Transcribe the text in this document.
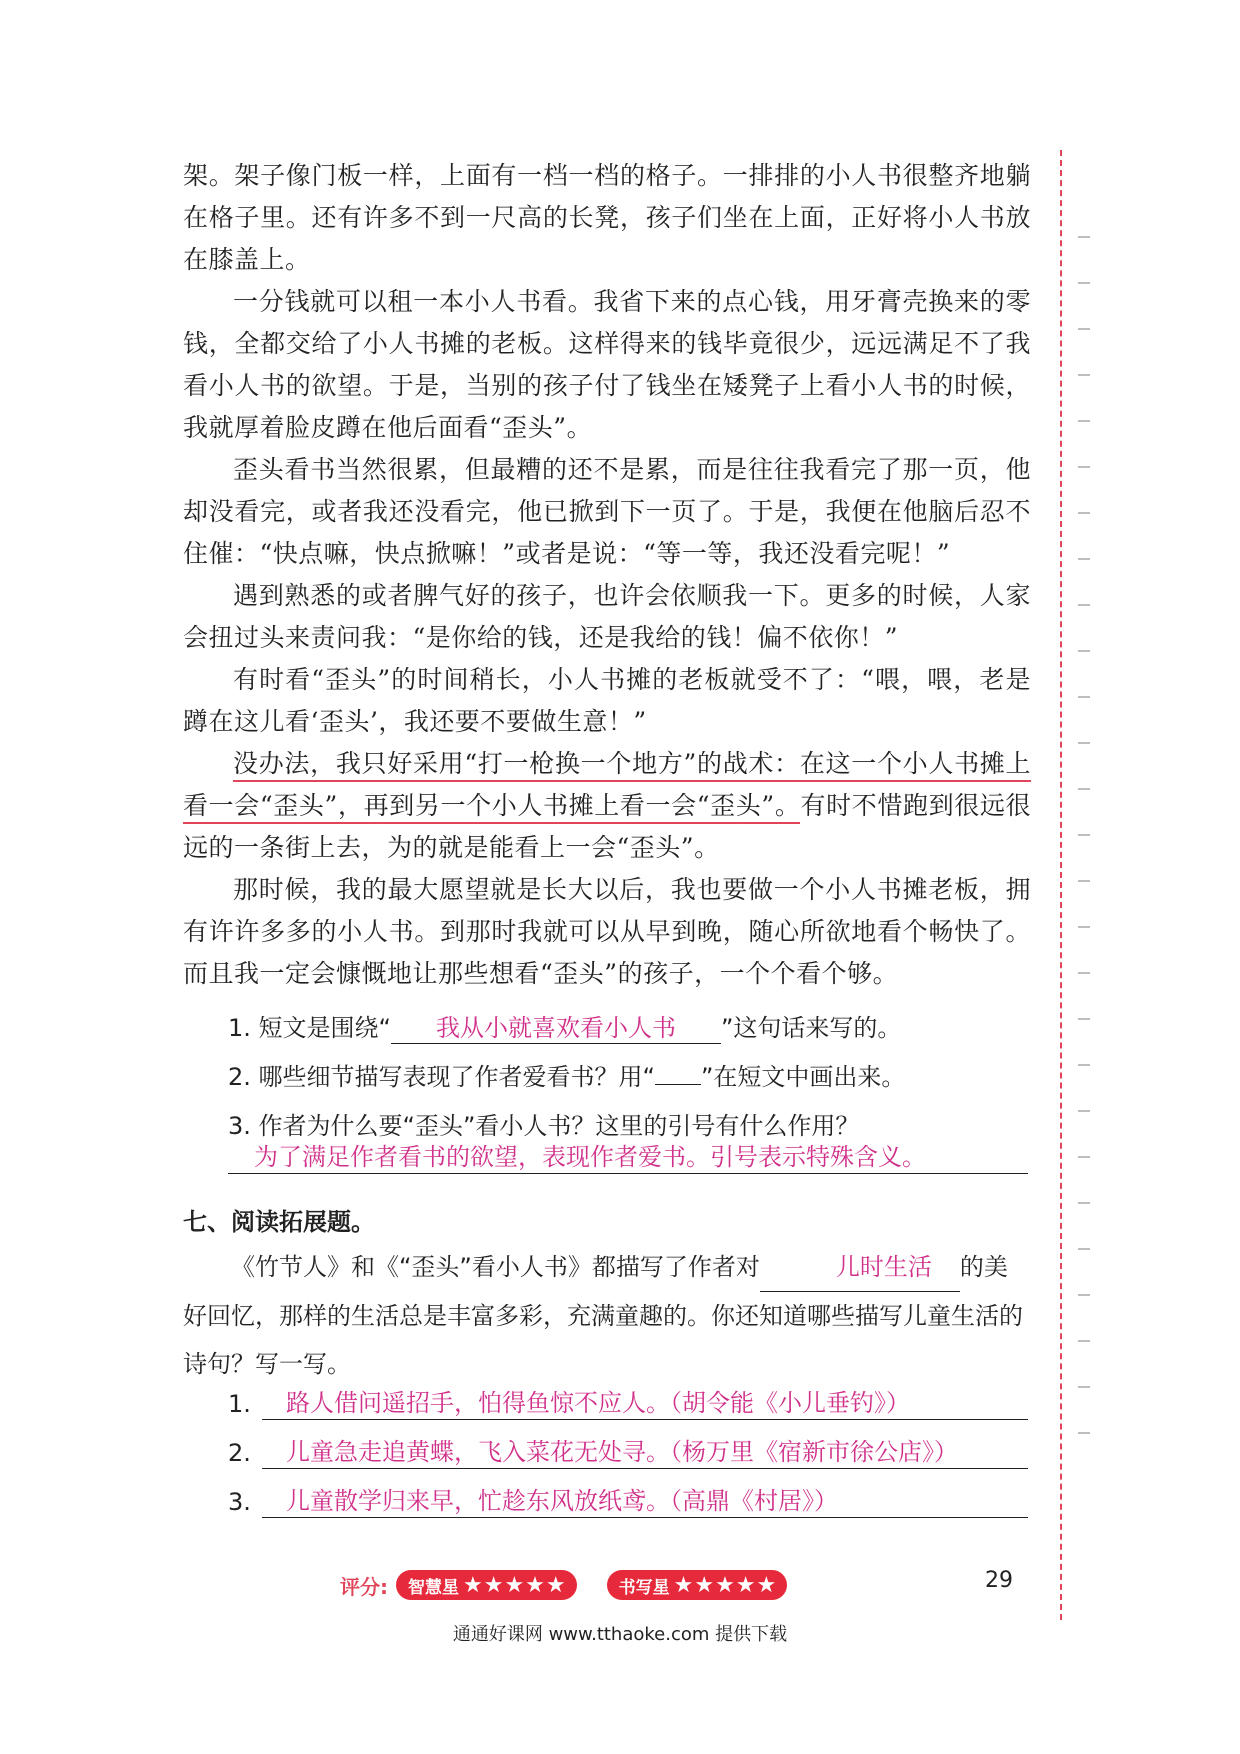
架。架子像门板一样，上面有一档一档的格子。一排排的小人书很整齐地躺在格子里。还有许多不到一尺高的长凳，孩子们坐在上面，正好将小人书放在膝盖上。

一分钱就可以租一本小人书看。我省下来的点心钱，用牙膏壳换来的零钱，全都交给了小人书摊的老板。这样得来的钱毕竟很少，远远满足不了我看小人书的欲望。于是，当别的孩子付了钱坐在矮凳子上看小人书的时候，我就厚着脸皮蹲在他后面看“歪头”。

歪头看书当然很累，但最糟的还不是累，而是往往我看完了那一页，他却没看完，或者我还没看完，他已掀到下一页了。于是，我便在他脑后忍不住催：“快点嘛，快点掀嘛！”或者是说：“等一等，我还没看完呢！”

遇到熟悉的或者脾气好的孩子，也许会依顺我一下。更多的时候，人家会扭过头来责问我：“是你给的钱，还是我给的钱！偏不依你！”

有时看“歪头”的时间稍长，小人书摊的老板就受不了：“喂，喂，老是蹲在这儿看‘歪头’，我还要不要做生意！”

没办法，我只好采用“打一枪换一个地方”的战术：在这一个小人书摊上看一会“歪头”，再到另一个小人书摊上看一会“歪头”。有时不惜跑到很远很远的一条街上去，为的就是能看上一会“歪头”。

那时候，我的最大愿望就是长大以后，我也要做一个小人书摊老板，拥有许许多多的小人书。到那时我就可以从早到晚，随心所欲地看个畅快了。而且我一定会慷慨地让那些想看“歪头”的孩子，一个个看个够。

1. 短文是围绕“ 我从小就喜欢看小人书 ”这句话来写的。
2. 哪些细节描写表现了作者爱看书？用“ ”在短文中画出来。
3. 作者为什么要“歪头”看小人书？这里的引号有什么作用？
为了满足作者看书的欲望，表现作者爱书。引号表示特殊含义。
七、阅读拓展题。

《竹节人》和《“歪头”看小人书》都描写了作者对	儿时生活 的美好回忆，那样的生活总是丰富多彩，充满童趣的。你还知道哪些描写儿童生活的诗句？写一写。

1.	路人借问遥招手，怕得鱼惊不应人。（胡令能《小儿垂钓》）
2.	儿童急走追黄蝶，飞入菜花无处寻。（杨万里《宿新市徐公店》）
3.	儿童散学归来早，忙趁东风放纸鸢。（高鼎《村居》）
评分: 智慧星 ★★★★★	书写星 ★★★★★	29
通通好课网 www.tthaoke.com 提供下载
